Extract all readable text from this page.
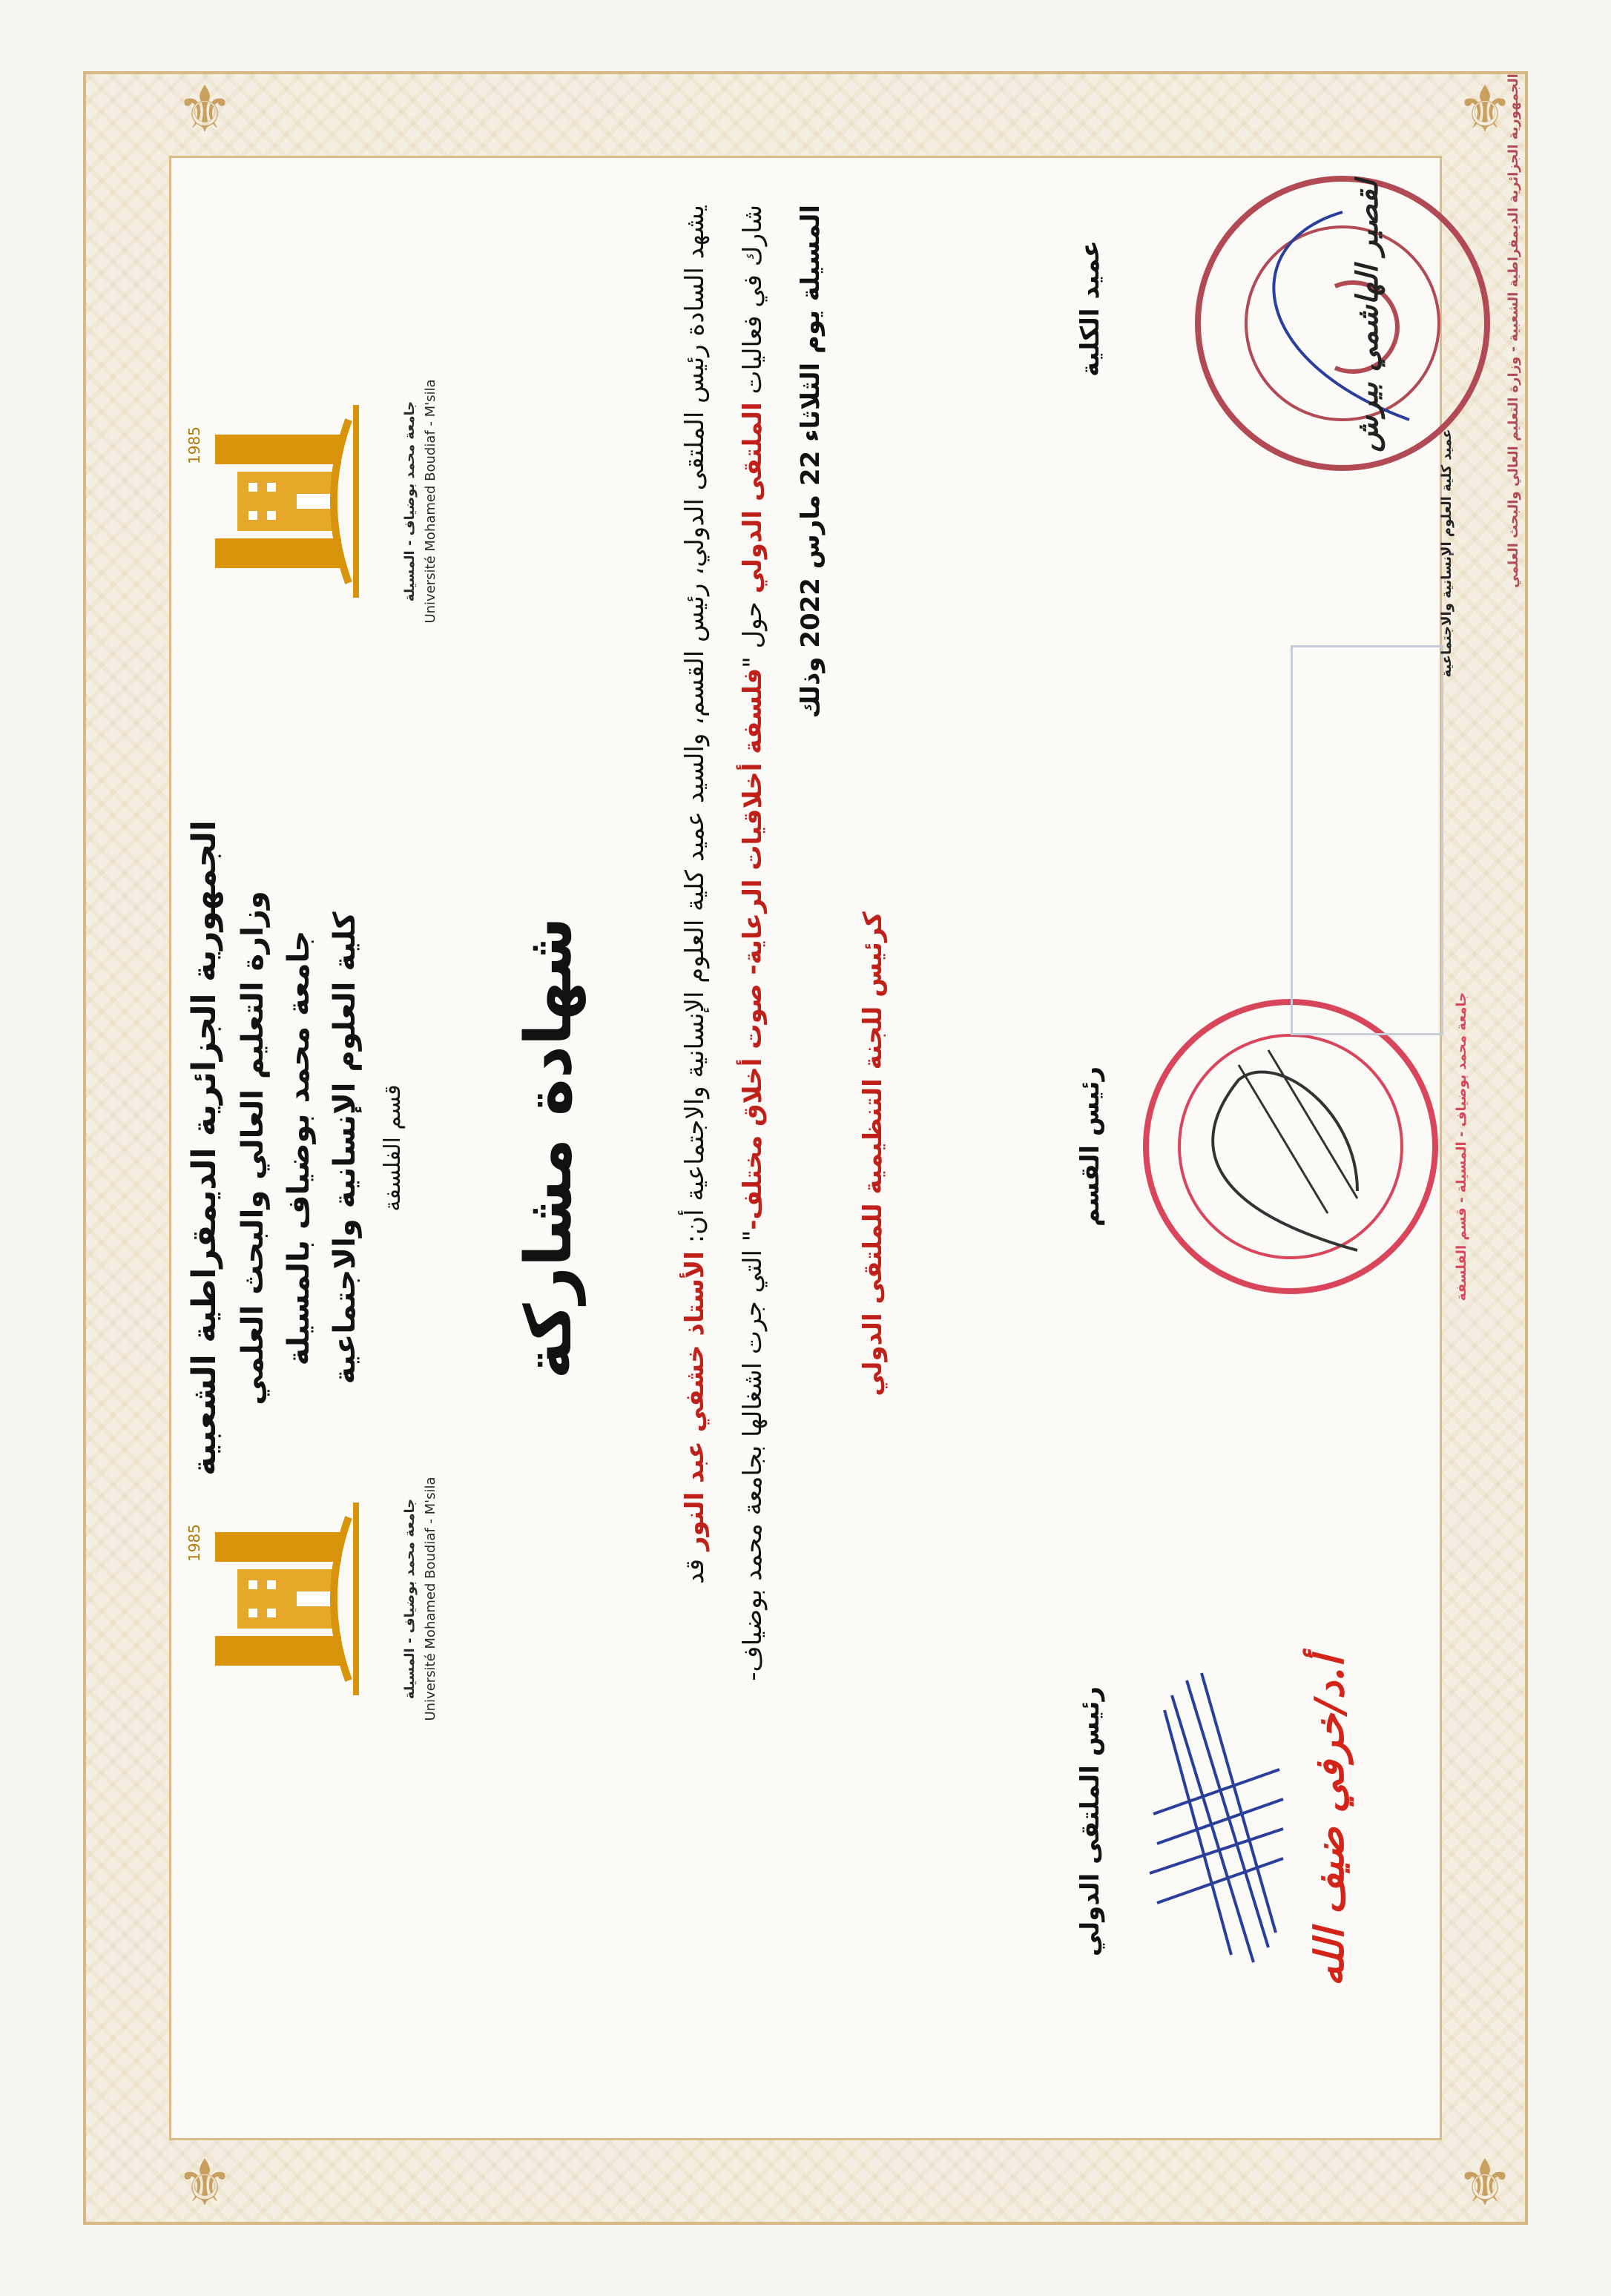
⚜	⚜
⚜	⚜
الجمهورية الجزائرية الديمقراطية الشعبية وزارة التعليم العالي والبحث العلمي جامعة محمد بوضياف بالمسيلة كلية العلوم الإنسانية والاجتماعية قسم الفلسفة
1985	جامعة محمد بوضياف - المسيلة Université Mohamed Boudiaf - M'sila
1985	جامعة محمد بوضياف - المسيلة Université Mohamed Boudiaf - M'sila
شهادة مشاركة	يشهد السادة رئيس الملتقى الدولي، رئيس القسم، والسيد عميد كلية العلوم الإنسانية والاجتماعية أن: الأستاذ خشفي عبد النور قد
شارك في فعاليات الملتقى الدولي حول "فلسفة أخلاقيات الرعاية- صوت أخلاق مختلف-" التي جرت اشغالها بجامعة محمد بوضياف-
المسيلة يوم الثلاثاء 22 مارس 2022 وذلك
كرئيس للجنة التنظيمية للملتقى الدولي
رئيس الملتقى الدولي
رئيس القسم
عميد الكلية
أ.د/خرفي ضيف الله
جامعة محمد بوضياف - المسيلة - قسم الفلسفة
عميد كلية العلوم الإنسانية والاجتماعية	الجمهورية الجزائرية الديمقراطية الشعبية - وزارة التعليم العالي والبحث العلمي
لقصير الهاشمي بيرش
